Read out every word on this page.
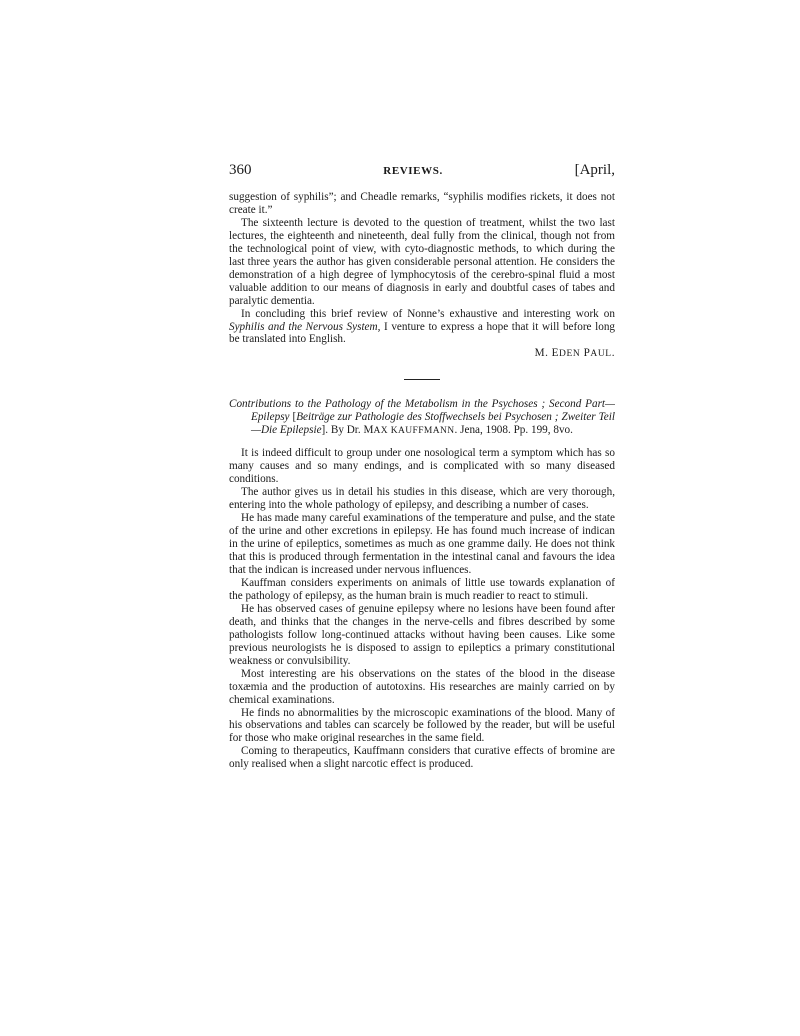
360	REVIEWS.	[April,

suggestion of syphilis”; and Cheadle remarks, “syphilis modifies rickets, it does not create it.”

The sixteenth lecture is devoted to the question of treatment, whilst the two last lectures, the eighteenth and nineteenth, deal fully from the clinical, though not from the technological point of view, with cyto-diagnostic methods, to which during the last three years the author has given considerable personal attention. He considers the demonstration of a high degree of lymphocytosis of the cerebro-spinal fluid a most valuable addition to our means of diagnosis in early and doubtful cases of tabes and paralytic dementia.

In concluding this brief review of Nonne’s exhaustive and interesting work on Syphilis and the Nervous System, I venture to express a hope that it will before long be translated into English.

M. EDEN PAUL.
Contributions to the Pathology of the Metabolism in the Psychoses ; Second Part—Epilepsy [Beiträge zur Pathologie des Stoffwechsels bei Psychosen ; Zweiter Teil—Die Epilepsie]. By Dr. MAX KAUFFMANN. Jena, 1908. Pp. 199, 8vo.

It is indeed difficult to group under one nosological term a symptom which has so many causes and so many endings, and is complicated with so many diseased conditions.

The author gives us in detail his studies in this disease, which are very thorough, entering into the whole pathology of epilepsy, and describing a number of cases.

He has made many careful examinations of the temperature and pulse, and the state of the urine and other excretions in epilepsy. He has found much increase of indican in the urine of epileptics, sometimes as much as one gramme daily. He does not think that this is produced through fermentation in the intestinal canal and favours the idea that the indican is increased under nervous influences.

Kauffman considers experiments on animals of little use towards explanation of the pathology of epilepsy, as the human brain is much readier to react to stimuli.

He has observed cases of genuine epilepsy where no lesions have been found after death, and thinks that the changes in the nerve-cells and fibres described by some pathologists follow long-continued attacks without having been causes. Like some previous neurologists he is disposed to assign to epileptics a primary constitutional weakness or convulsibility.

Most interesting are his observations on the states of the blood in the disease toxæmia and the production of autotoxins. His researches are mainly carried on by chemical examinations.

He finds no abnormalities by the microscopic examinations of the blood. Many of his observations and tables can scarcely be followed by the reader, but will be useful for those who make original researches in the same field.

Coming to therapeutics, Kauffmann considers that curative effects of bromine are only realised when a slight narcotic effect is produced.
